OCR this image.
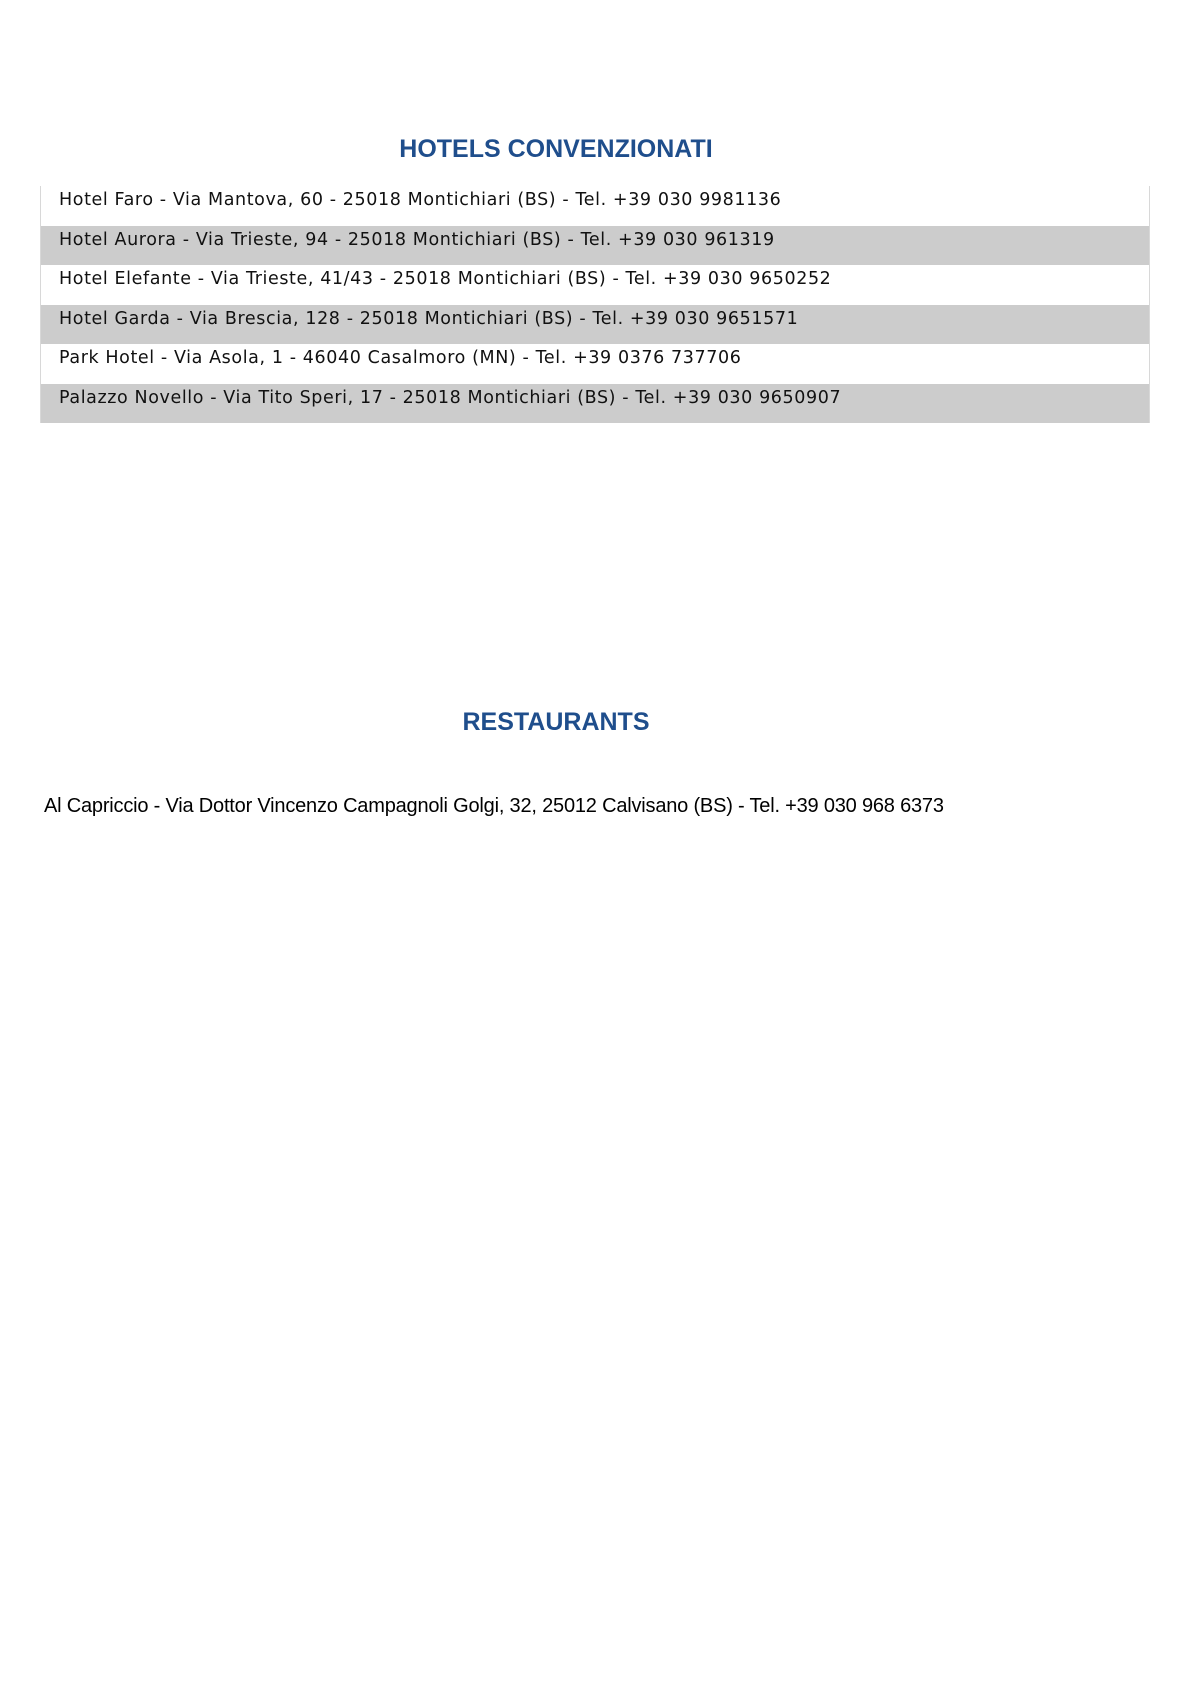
HOTELS CONVENZIONATI
Hotel Faro - Via Mantova, 60 - 25018 Montichiari (BS) - Tel. +39 030 9981136
Hotel Aurora - Via Trieste, 94 - 25018 Montichiari (BS) - Tel. +39 030 961319
Hotel Elefante - Via Trieste, 41/43 - 25018 Montichiari (BS) - Tel. +39 030 9650252
Hotel Garda - Via Brescia, 128 - 25018 Montichiari (BS) - Tel. +39 030 9651571
Park Hotel - Via Asola, 1 - 46040 Casalmoro (MN) - Tel. +39 0376 737706
Palazzo Novello - Via Tito Speri, 17 - 25018 Montichiari (BS) - Tel. +39 030 9650907
RESTAURANTS
Al Capriccio - Via Dottor Vincenzo Campagnoli Golgi, 32, 25012 Calvisano (BS) - Tel. +39 030 968 6373
